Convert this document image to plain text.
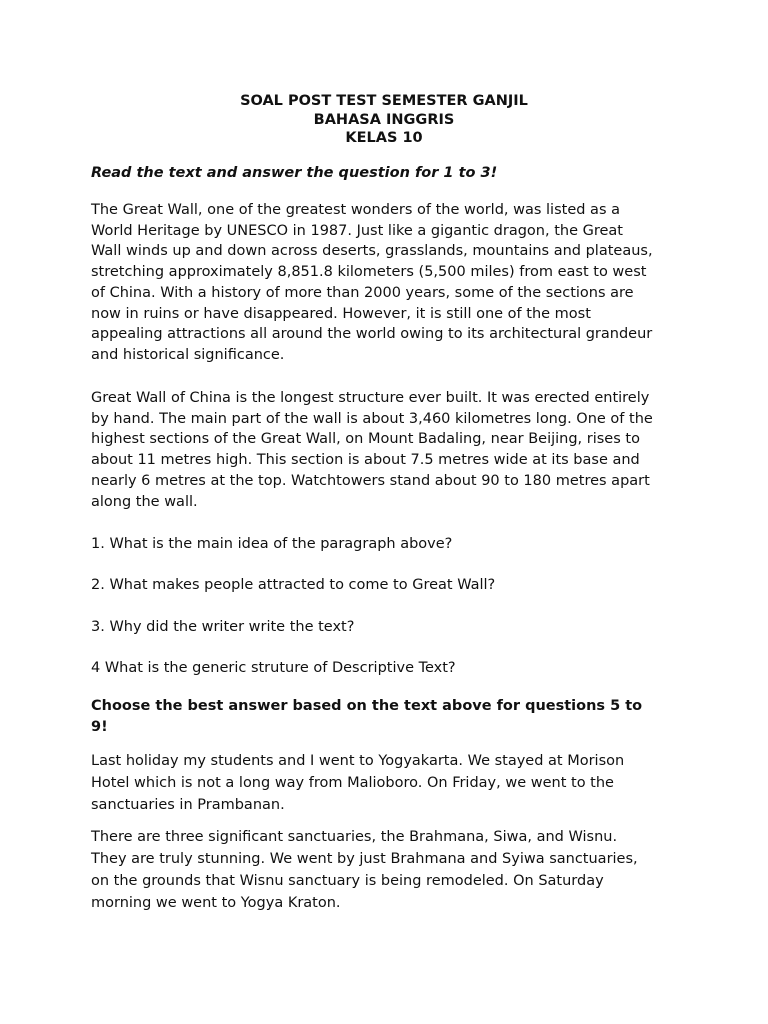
SOAL POST TEST SEMESTER GANJIL
BAHASA INGGRIS
KELAS 10
Read the text and answer the question for 1 to 3!
The Great Wall, one of the greatest wonders of the world, was listed as a
World Heritage by UNESCO in 1987. Just like a gigantic dragon, the Great
Wall winds up and down across deserts, grasslands, mountains and plateaus,
stretching approximately 8,851.8 kilometers (5,500 miles) from east to west
of China. With a history of more than 2000 years, some of the sections are
now in ruins or have disappeared. However, it is still one of the most
appealing attractions all around the world owing to its architectural grandeur
and historical significance.
Great Wall of China is the longest structure ever built. It was erected entirely
by hand. The main part of the wall is about 3,460 kilometres long. One of the
highest sections of the Great Wall, on Mount Badaling, near Beijing, rises to
about 11 metres high. This section is about 7.5 metres wide at its base and
nearly 6 metres at the top. Watchtowers stand about 90 to 180 metres apart
along the wall.
1. What is the main idea of the paragraph above?
2. What makes people attracted to come to Great Wall?
3. Why did the writer write the text?
4 What is the generic struture of Descriptive Text?
Choose the best answer based on the text above for questions 5 to
9!
Last holiday my students and I went to Yogyakarta. We stayed at Morison
Hotel which is not a long way from Malioboro. On Friday, we went to the
sanctuaries in Prambanan.
There are three significant sanctuaries, the Brahmana, Siwa, and Wisnu.
They are truly stunning. We went by just Brahmana and Syiwa sanctuaries,
on the grounds that Wisnu sanctuary is being remodeled. On Saturday
morning we went to Yogya Kraton.
